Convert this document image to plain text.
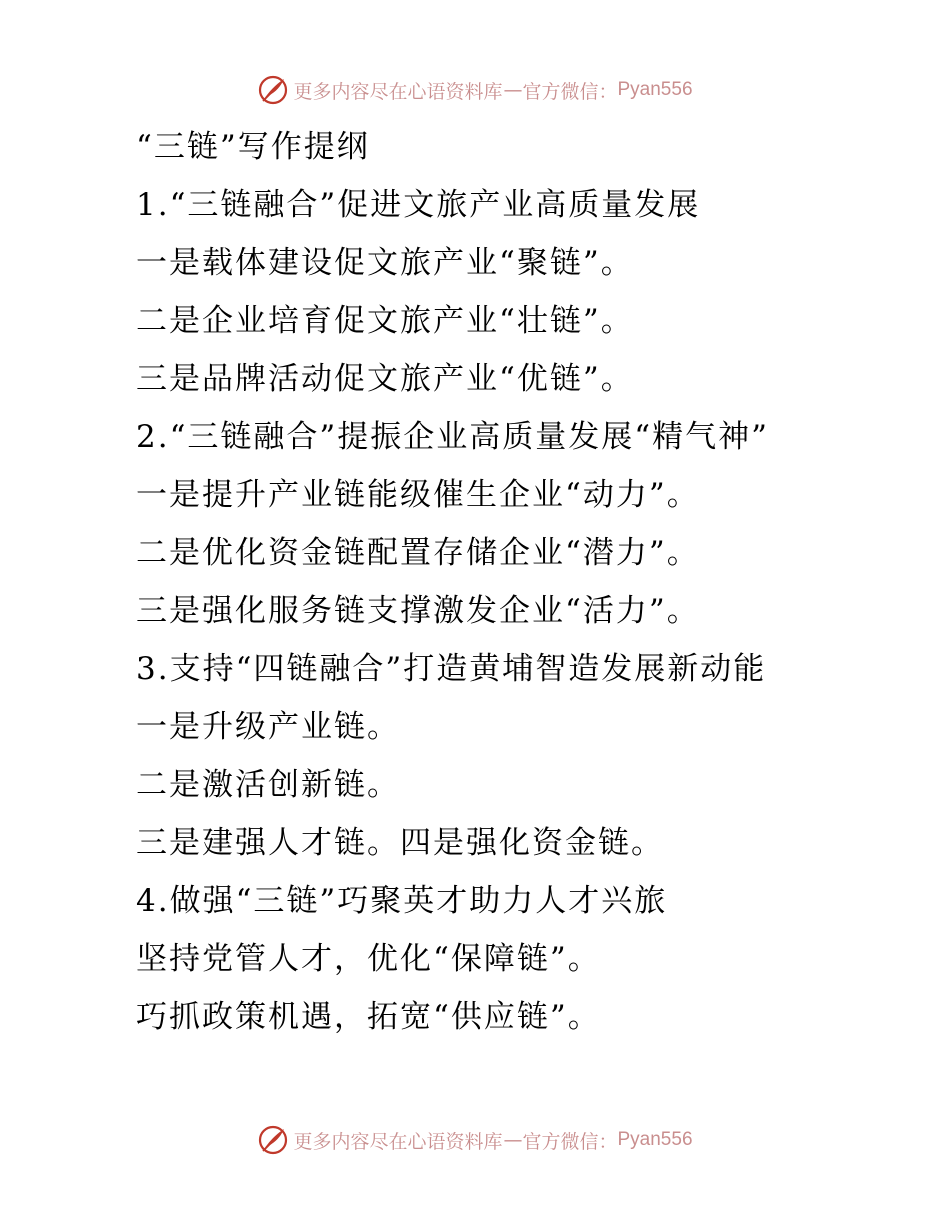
更多内容尽在心语资料库 — 官方微信： Pyan556
“三链”写作提纲
1.“三链融合”促进文旅产业高质量发展
一是载体建设促文旅产业“聚链”。
二是企业培育促文旅产业“壮链”。
三是品牌活动促文旅产业“优链”。
2.“三链融合”提振企业高质量发展“精气神”
一是提升产业链能级催生企业“动力”。
二是优化资金链配置存储企业“潜力”。
三是强化服务链支撑激发企业“活力”。
3.支持“四链融合”打造黄埔智造发展新动能
一是升级产业链。
二是激活创新链。
三是建强人才链。四是强化资金链。
4.做强“三链”巧聚英才助力人才兴旅
坚持党管人才，优化“保障链”。
巧抓政策机遇，拓宽“供应链”。
更多内容尽在心语资料库 — 官方微信： Pyan556
